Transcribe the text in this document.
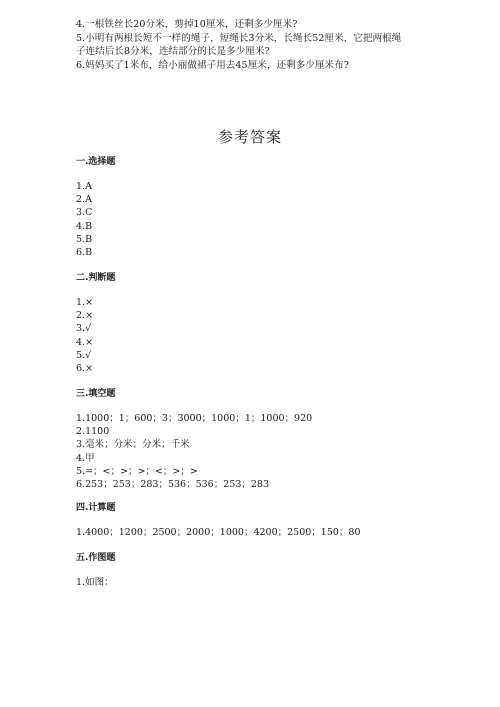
4.一根铁丝长20分米，剪掉10厘米，还剩多少厘米?
5.小明有两根长短不一样的绳子，短绳长3分米，长绳长52厘米，它把两根绳
子连结后长8分米，连结部分的长是多少厘米?
6.妈妈买了1米布，给小丽做裙子用去45厘米，还剩多少厘米布?
参考答案
一.选择题
1.A
2.A
3.C
4.B
5.B
6.B
二.判断题
1.×
2.×
3.√
4.×
5.√
6.×
三.填空题
1.1000；1；600；3；3000；1000；1；1000；920
2.1100
3.毫米；分米；分米；千米
4.甲
5.=；<；>；>；<；>；>
6.253；253；283；536；536；253；283
四.计算题
1.4000；1200；2500；2000；1000；4200；2500；150；80
五.作图题
1.如图：
